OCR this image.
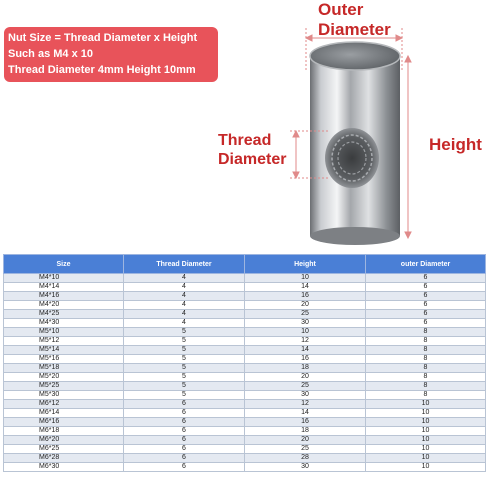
Nut Size = Thread Diameter x Height
Such as M4 x 10
Thread Diameter 4mm Height 10mm
Outer
Diameter
Thread
Diameter
Height
Size	Thread Diameter	Height	outer Diameter
M4*10	4	10	6
M4*14	4	14	6
M4*16	4	16	6
M4*20	4	20	6
M4*25	4	25	6
M4*30	4	30	6
M5*10	5	10	8
M5*12	5	12	8
M5*14	5	14	8
M5*16	5	16	8
M5*18	5	18	8
M5*20	5	20	8
M5*25	5	25	8
M5*30	5	30	8
M6*12	6	12	10
M6*14	6	14	10
M6*16	6	16	10
M6*18	6	18	10
M6*20	6	20	10
M6*25	6	25	10
M6*28	6	28	10
M6*30	6	30	10
